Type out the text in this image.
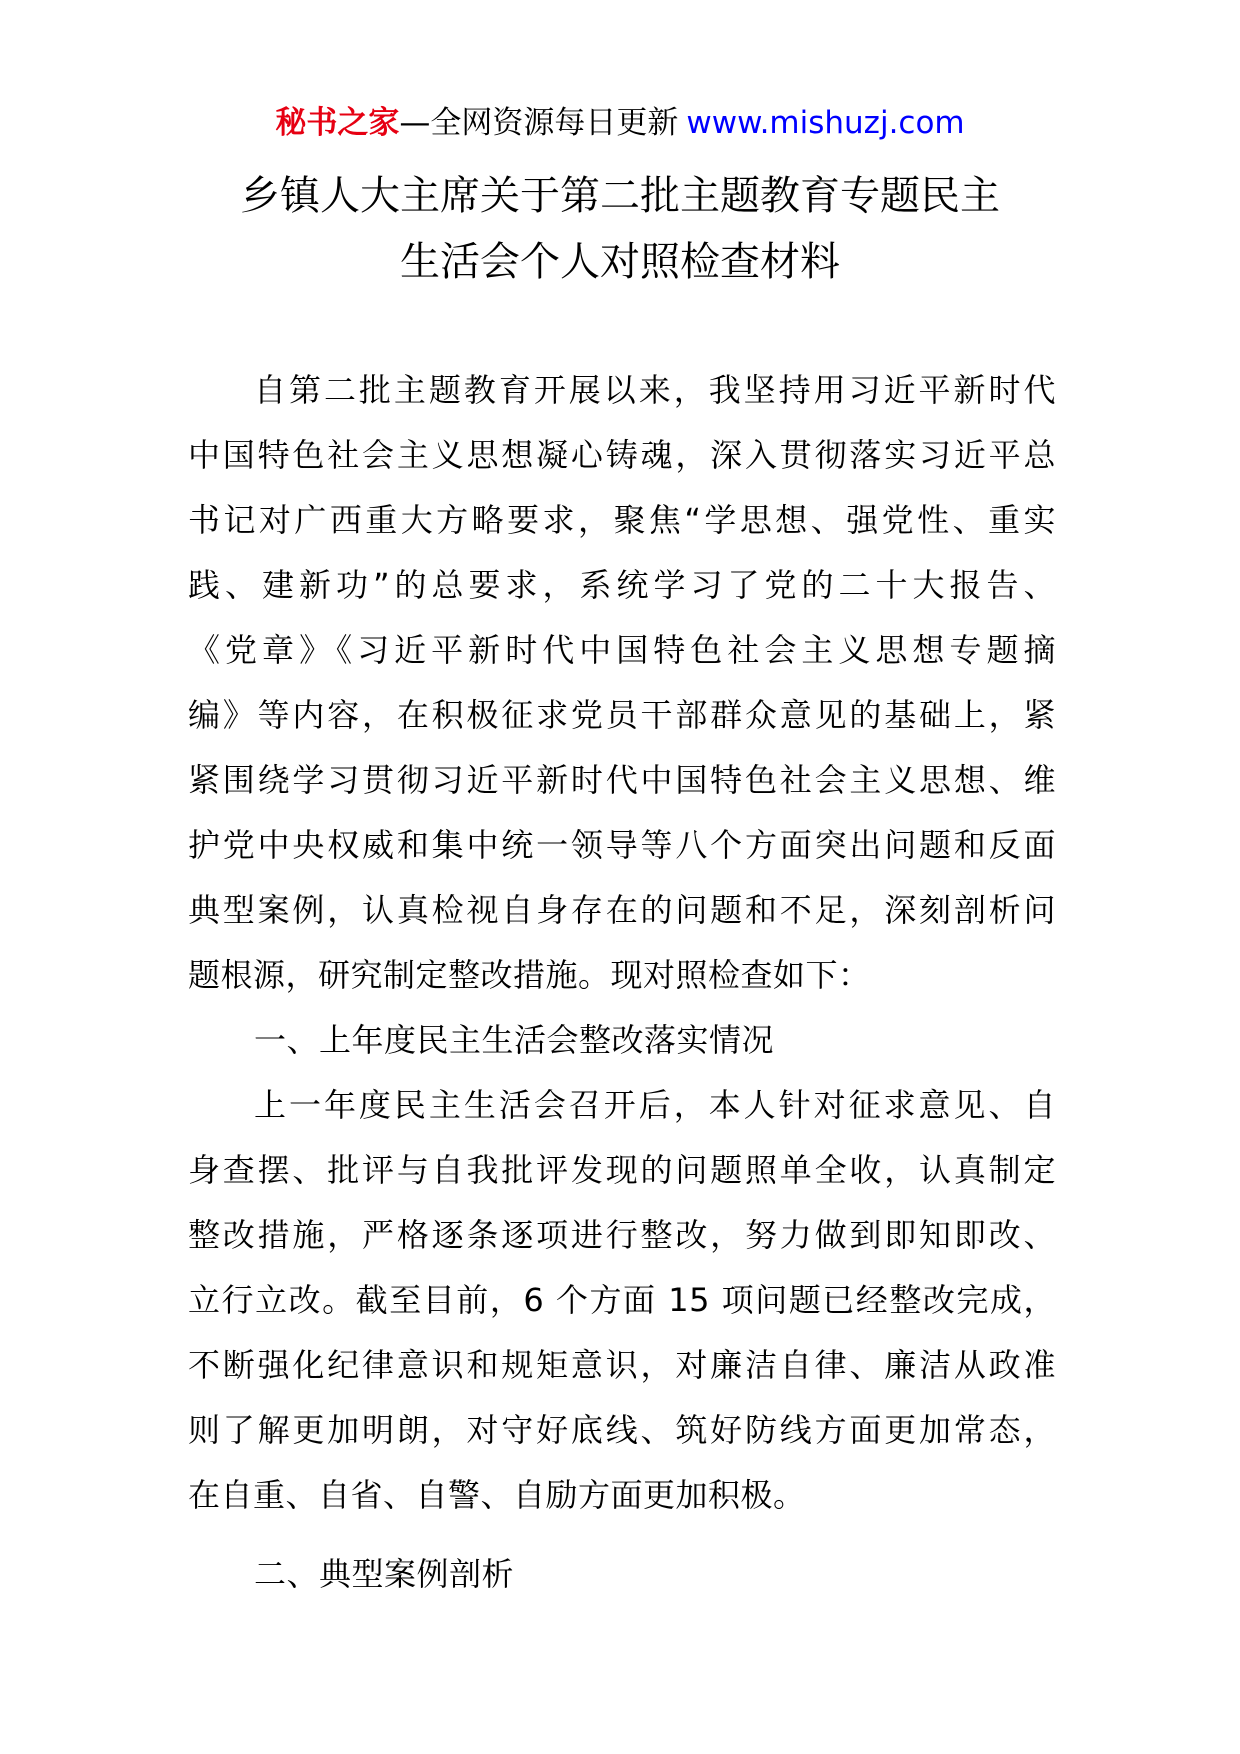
秘书之家—全网资源每日更新 www.mishuzj.com
乡镇人大主席关于第二批主题教育专题民主
生活会个人对照检查材料
自第二批主题教育开展以来，我坚持用习近平新时代
中国特色社会主义思想凝心铸魂，深入贯彻落实习近平总
书记对广西重大方略要求，聚焦“学思想、强党性、重实
践、建新功”的总要求，系统学习了党的二十大报告、
《党章》《习近平新时代中国特色社会主义思想专题摘
编》等内容，在积极征求党员干部群众意见的基础上，紧
紧围绕学习贯彻习近平新时代中国特色社会主义思想、维
护党中央权威和集中统一领导等八个方面突出问题和反面
典型案例，认真检视自身存在的问题和不足，深刻剖析问
题根源，研究制定整改措施。现对照检查如下：
一、上年度民主生活会整改落实情况
上一年度民主生活会召开后，本人针对征求意见、自
身查摆、批评与自我批评发现的问题照单全收，认真制定
整改措施，严格逐条逐项进行整改，努力做到即知即改、
立行立改。截至目前，6 个方面 15 项问题已经整改完成，
不断强化纪律意识和规矩意识，对廉洁自律、廉洁从政准
则了解更加明朗，对守好底线、筑好防线方面更加常态，
在自重、自省、自警、自励方面更加积极。
二、典型案例剖析
